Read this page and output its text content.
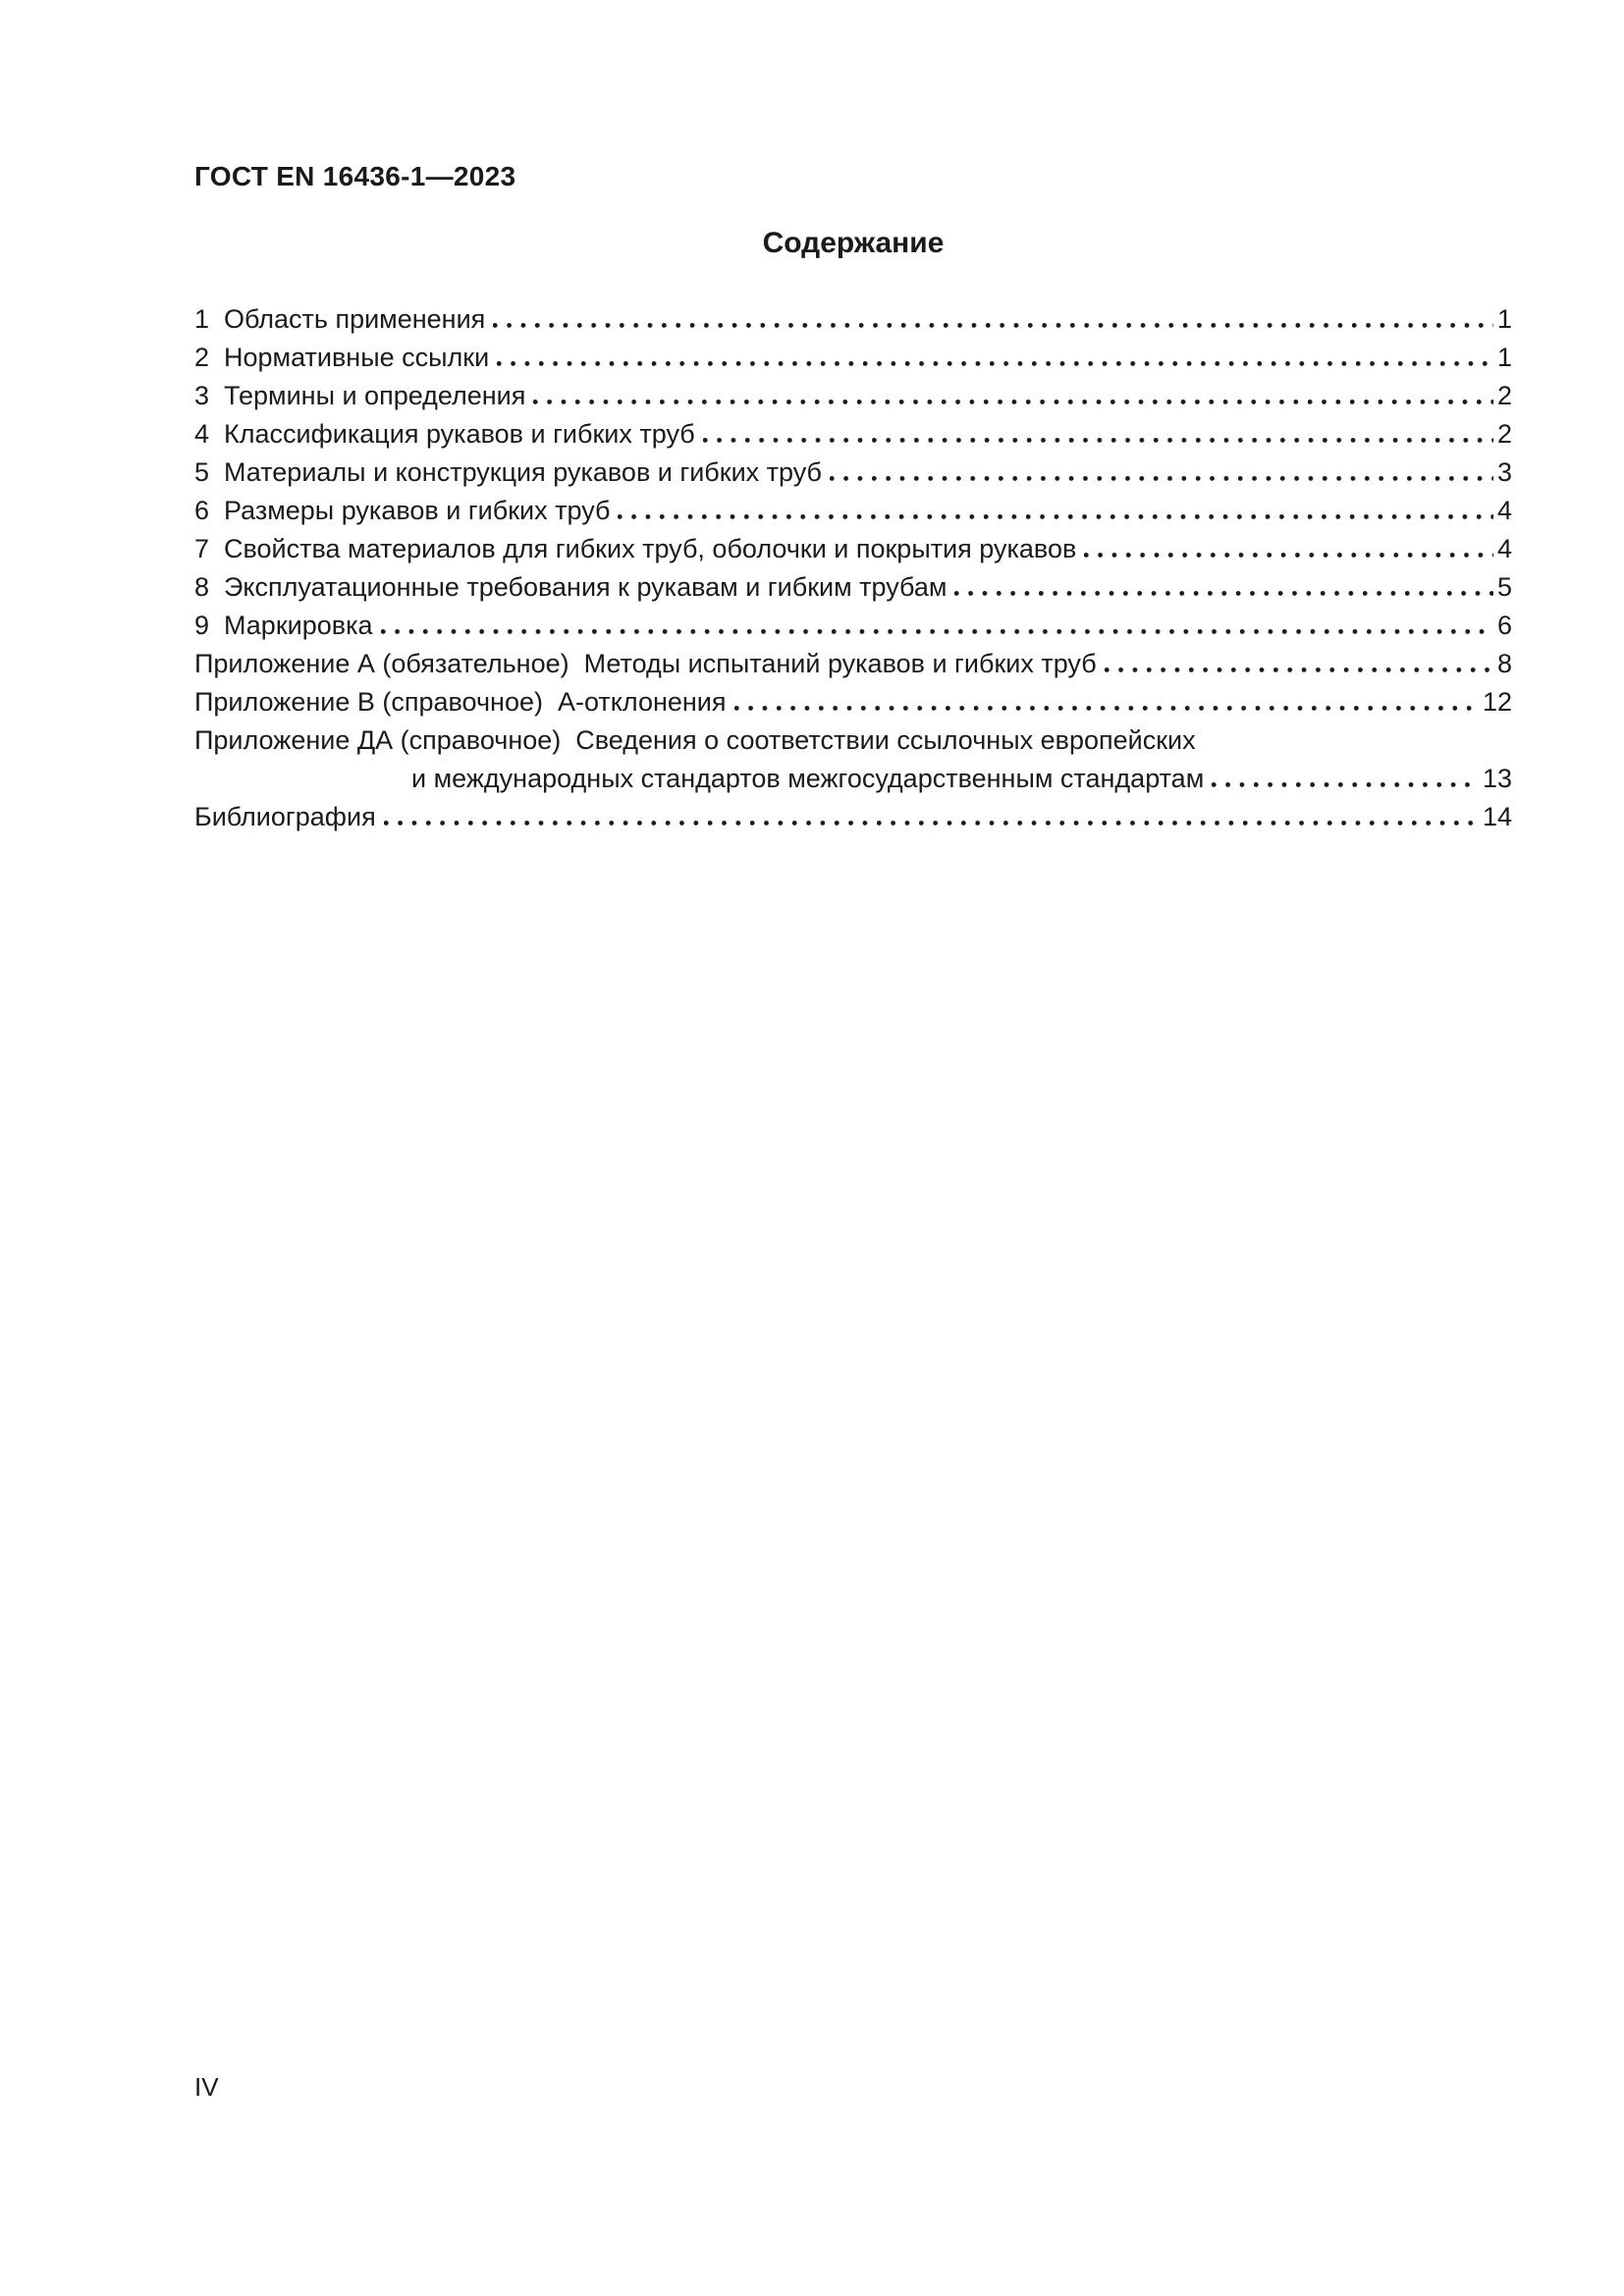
ГОСТ EN 16436-1—2023
Содержание
1 Область применения	1
2 Нормативные ссылки	1
3 Термины и определения	2
4 Классификация рукавов и гибких труб	2
5 Материалы и конструкция рукавов и гибких труб	3
6 Размеры рукавов и гибких труб	4
7 Свойства материалов для гибких труб, оболочки и покрытия рукавов	4
8 Эксплуатационные требования к рукавам и гибким трубам	5
9 Маркировка	6
Приложение А (обязательное)  Методы испытаний рукавов и гибких труб	8
Приложение В (справочное)  А-отклонения	12
Приложение ДА (справочное)  Сведения о соответствии ссылочных европейских
и международных стандартов межгосударственным стандартам	13
Библиография	14
IV
